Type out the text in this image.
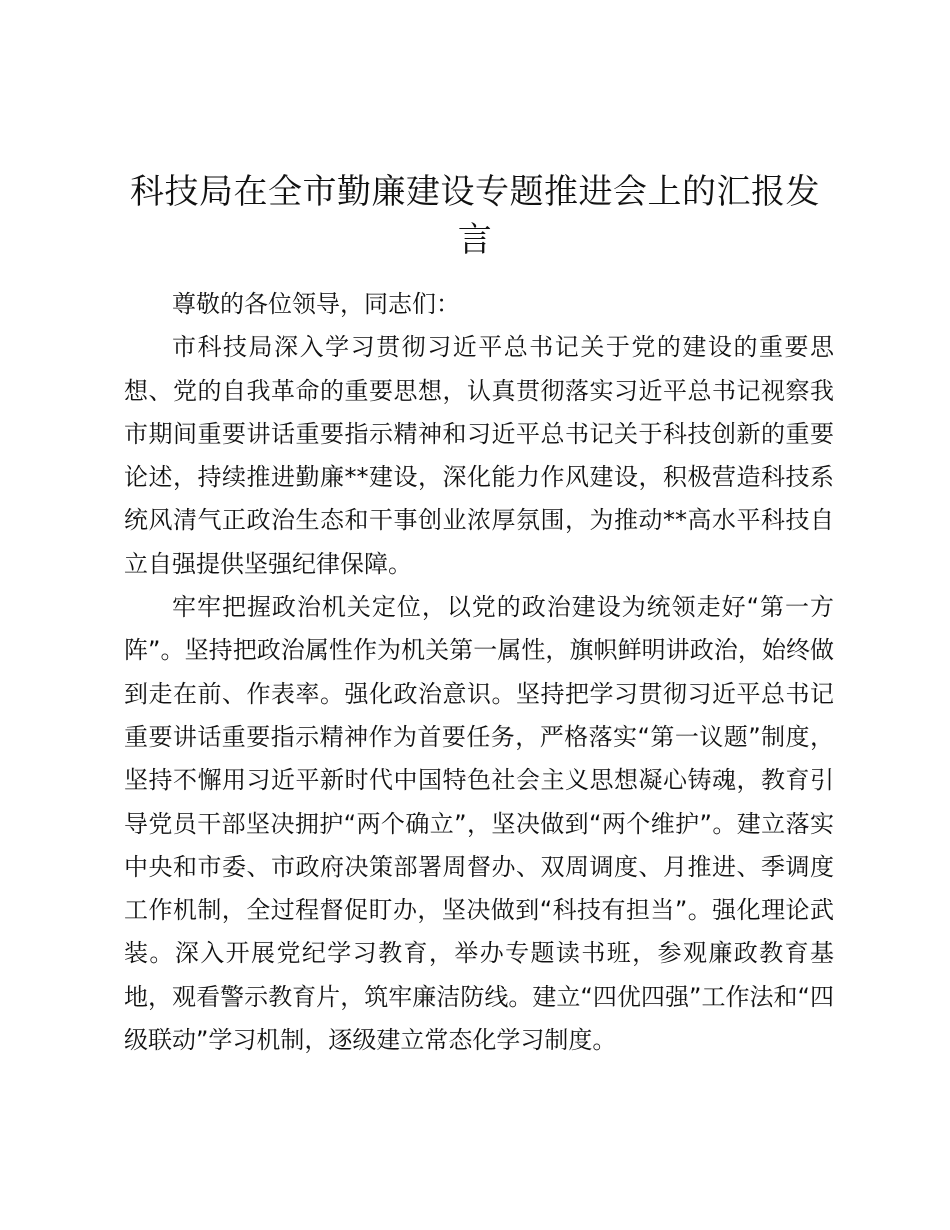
科技局在全市勤廉建设专题推进会上的汇报发言

尊敬的各位领导，同志们：

市科技局深入学习贯彻习近平总书记关于党的建设的重要思想、党的自我革命的重要思想，认真贯彻落实习近平总书记视察我市期间重要讲话重要指示精神和习近平总书记关于科技创新的重要论述，持续推进勤廉**建设，深化能力作风建设，积极营造科技系统风清气正政治生态和干事创业浓厚氛围，为推动**高水平科技自立自强提供坚强纪律保障。

牢牢把握政治机关定位，以党的政治建设为统领走好“第一方阵”。坚持把政治属性作为机关第一属性，旗帜鲜明讲政治，始终做到走在前、作表率。强化政治意识。坚持把学习贯彻习近平总书记重要讲话重要指示精神作为首要任务，严格落实“第一议题”制度，坚持不懈用习近平新时代中国特色社会主义思想凝心铸魂，教育引导党员干部坚决拥护“两个确立”，坚决做到“两个维护”。建立落实中央和市委、市政府决策部署周督办、双周调度、月推进、季调度工作机制，全过程督促盯办，坚决做到“科技有担当”。强化理论武装。深入开展党纪学习教育，举办专题读书班，参观廉政教育基地，观看警示教育片，筑牢廉洁防线。建立“四优四强”工作法和“四级联动”学习机制，逐级建立常态化学习制度。
